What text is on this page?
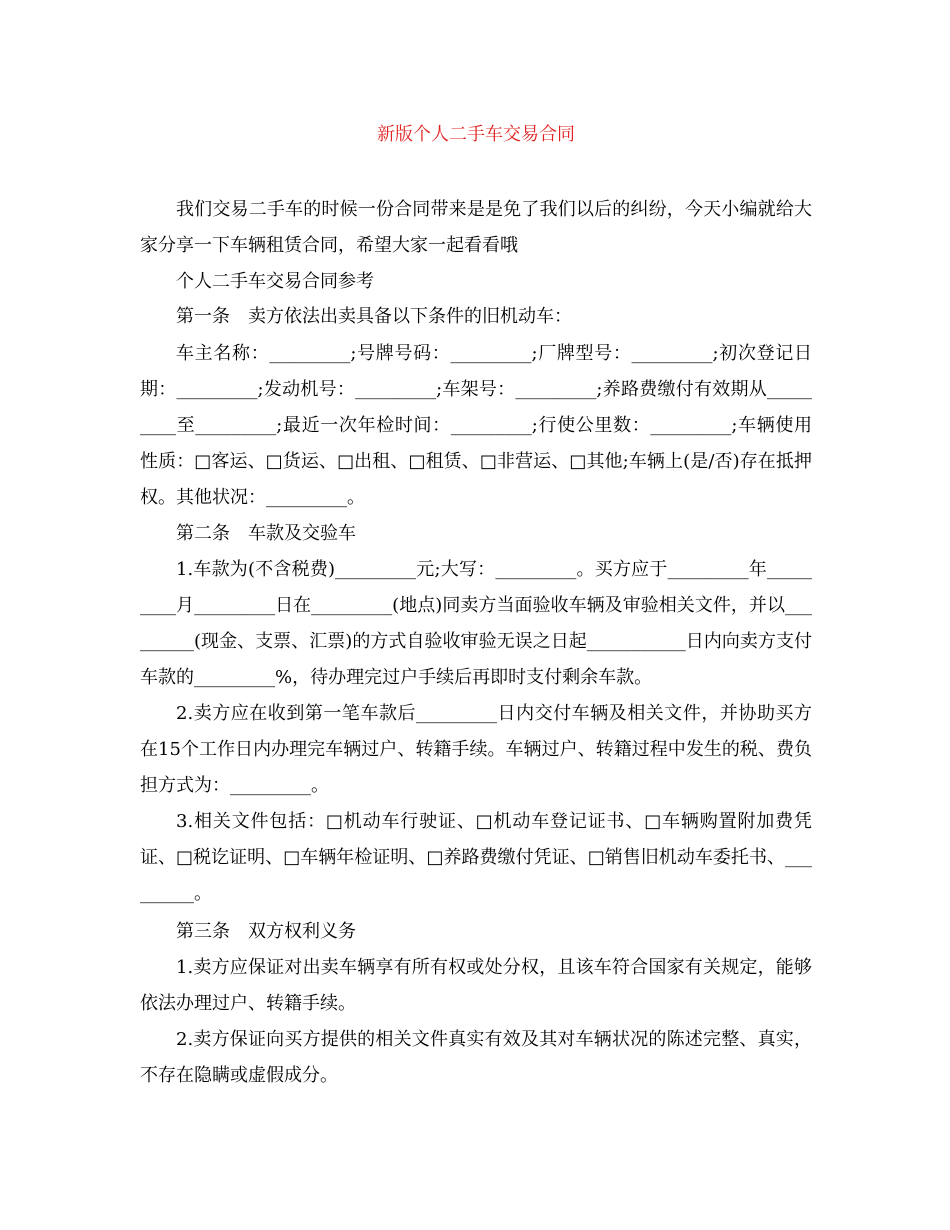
新版个人二手车交易合同
我们交易二手车的时候一份合同带来是是免了我们以后的纠纷，今天小编就给大家分享一下车辆租赁合同，希望大家一起看看哦
个人二手车交易合同参考
第一条　卖方依法出卖具备以下条件的旧机动车：
车主名称：_________;号牌号码：_________;厂牌型号：_________;初次登记日期：_________;发动机号：_________;车架号：_________;养路费缴付有效期从_________至_________;最近一次年检时间：_________;行使公里数：_________;车辆使用性质：□客运、□货运、□出租、□租赁、□非营运、□其他;车辆上(是/否)存在抵押权。其他状况：_________。
第二条　车款及交验车
1.车款为(不含税费)_________元;大写：_________。买方应于_________年_________月_________日在_________(地点)同卖方当面验收车辆及审验相关文件，并以_________(现金、支票、汇票)的方式自验收审验无误之日起___________日内向卖方支付车款的_________%，待办理完过户手续后再即时支付剩余车款。
2.卖方应在收到第一笔车款后_________日内交付车辆及相关文件，并协助买方在15个工作日内办理完车辆过户、转籍手续。车辆过户、转籍过程中发生的税、费负担方式为：_________。
3.相关文件包括：□机动车行驶证、□机动车登记证书、□车辆购置附加费凭证、□税讫证明、□车辆年检证明、□养路费缴付凭证、□销售旧机动车委托书、_________。
第三条　双方权利义务
1.卖方应保证对出卖车辆享有所有权或处分权，且该车符合国家有关规定，能够依法办理过户、转籍手续。
2.卖方保证向买方提供的相关文件真实有效及其对车辆状况的陈述完整、真实，不存在隐瞒或虚假成分。
